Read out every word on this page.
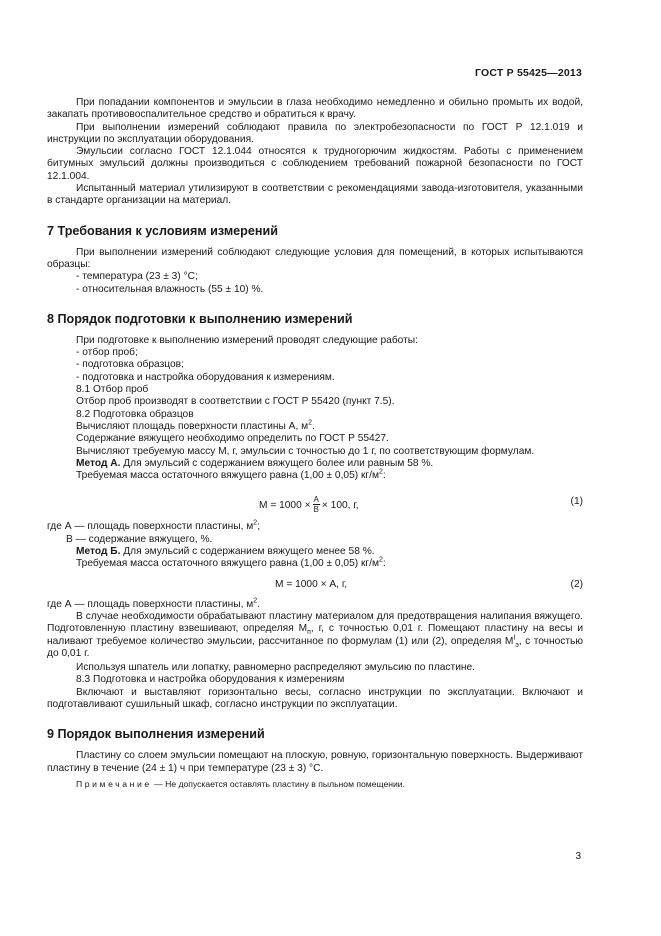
ГОСТ Р 55425—2013

При попадании компонентов и эмульсии в глаза необходимо немедленно и обильно промыть их водой, закапать противовоспалительное средство и обратиться к врачу.

При выполнении измерений соблюдают правила по электробезопасности по ГОСТ Р 12.1.019 и инструкции по эксплуатации оборудования.

Эмульсии согласно ГОСТ 12.1.044 относятся к трудногорючим жидкостям. Работы с применением битумных эмульсий должны производиться с соблюдением требований пожарной безопасности по ГОСТ 12.1.004.

Испытанный материал утилизируют в соответствии с рекомендациями завода-изготовителя, указанными в стандарте организации на материал.

7 Требования к условиям измерений

При выполнении измерений соблюдают следующие условия для помещений, в которых испытываются образцы:

- температура (23 ± 3) °С;

- относительная влажность (55 ± 10) %.

8 Порядок подготовки к выполнению измерений

При подготовке к выполнению измерений проводят следующие работы:

- отбор проб;

- подготовка образцов;

- подготовка и настройка оборудования к измерениям.

8.1 Отбор проб

Отбор проб производят в соответствии с ГОСТ Р 55420 (пункт 7.5).

8.2 Подготовка образцов

Вычисляют площадь поверхности пластины А, $м^2$.

Содержание вяжущего необходимо определить по ГОСТ Р 55427.

Вычисляют требуемую массу М, г, эмульсии с точностью до 1 г, по соответствующим формулам.

Метод А. Для эмульсий с содержанием вяжущего более или равным 58 %.

Требуемая масса остаточного вяжущего равна (1,00 ± 0,05) $кг/м^2$:

$М = 1000 \times \frac{А}{В} \times 100$, г,	(1)

где А — площадь поверхности пластины, $м^2$;

В — содержание вяжущего, %.

Метод Б. Для эмульсий с содержанием вяжущего менее 58 %.

Требуемая масса остаточного вяжущего равна (1,00 ± 0,05) $кг/м^2$:

М = 1000 × А, г,	(2)

где А — площадь поверхности пластины, $м^2$.

В случае необходимости обрабатывают пластину материалом для предотвращения налипания вяжущего. Подготовленную пластину взвешивают, определяя $М_п$, г, с точностью 0,01 г. Помещают пластину на весы и наливают требуемое количество эмульсии, рассчитанное по формулам (1) или (2), определяя $М^I_э$, с точностью до 0,01 г.

Используя шпатель или лопатку, равномерно распределяют эмульсию по пластине.

8.3 Подготовка и настройка оборудования к измерениям

Включают и выставляют горизонтально весы, согласно инструкции по эксплуатации. Включают и подготавливают сушильный шкаф, согласно инструкции по эксплуатации.

9 Порядок выполнения измерений

Пластину со слоем эмульсии помещают на плоскую, ровную, горизонтальную поверхность. Выдерживают пластину в течение (24 ± 1) ч при температуре (23 ± 3) °С.

Примечание — Не допускается оставлять пластину в пыльном помещении.

3
